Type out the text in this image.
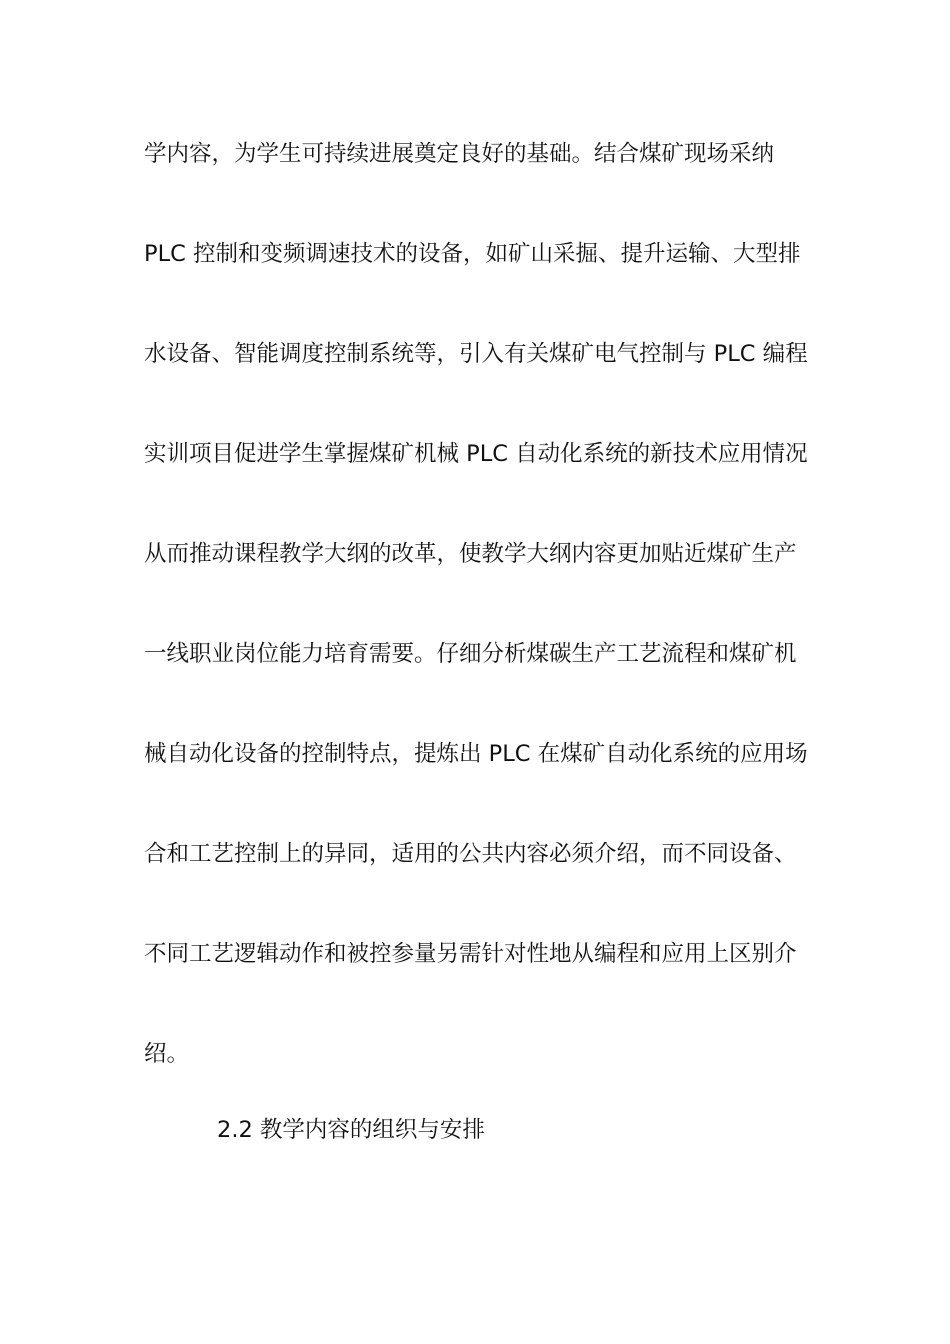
学内容，为学生可持续进展奠定良好的基础。结合煤矿现场采纳
PLC 控制和变频调速技术的设备，如矿山采掘、提升运输、大型排
水设备、智能调度控制系统等，引入有关煤矿电气控制与 PLC 编程
实训项目促进学生掌握煤矿机械 PLC 自动化系统的新技术应用情况
从而推动课程教学大纲的改革，使教学大纲内容更加贴近煤矿生产
一线职业岗位能力培育需要。仔细分析煤碳生产工艺流程和煤矿机
械自动化设备的控制特点，提炼出 PLC 在煤矿自动化系统的应用场
合和工艺控制上的异同，适用的公共内容必须介绍，而不同设备、
不同工艺逻辑动作和被控参量另需针对性地从编程和应用上区别介
绍。
2.2 教学内容的组织与安排
